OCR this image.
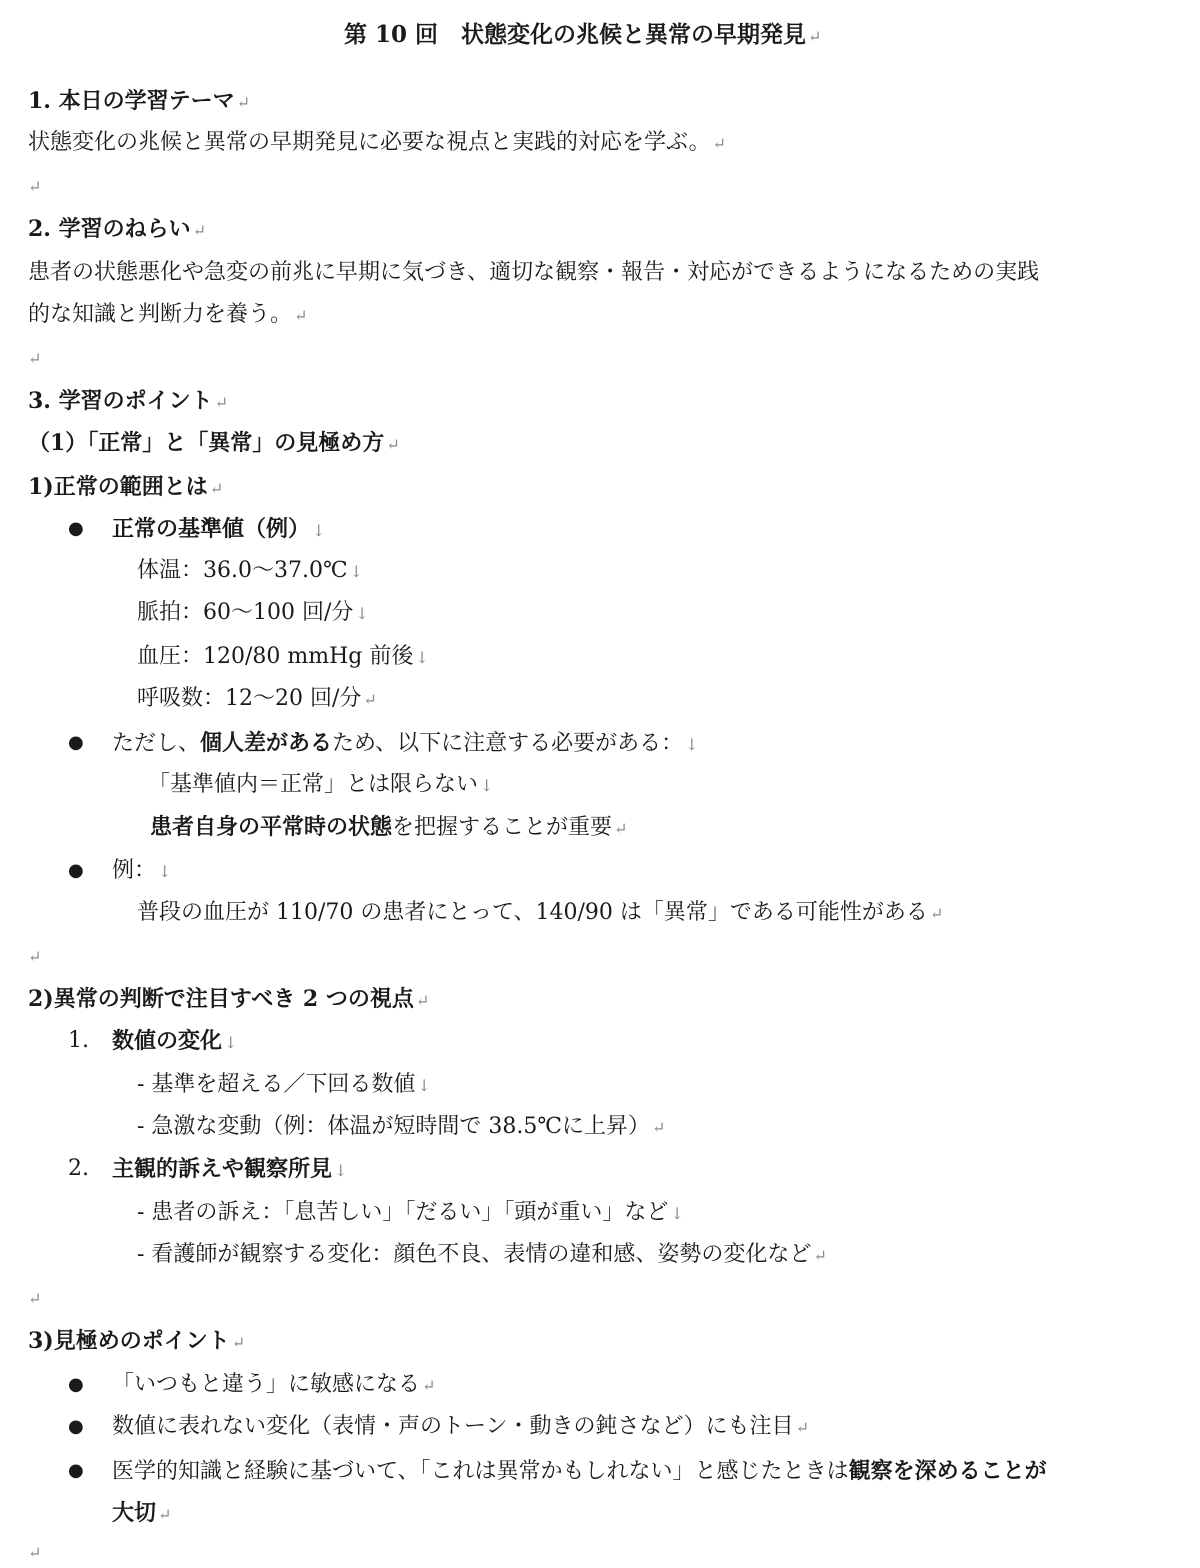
第 10 回　状態変化の兆候と異常の早期発見 ↵
1. 本日の学習テーマ ↵
状態変化の兆候と異常の早期発見に必要な視点と実践的対応を学ぶ。 ↵
↵
2. 学習のねらい ↵
患者の状態悪化や急変の前兆に早期に気づき、適切な観察・報告・対応ができるようになるための実践
的な知識と判断力を養う。 ↵
↵
3. 学習のポイント ↵
（1）「正常」と「異常」の見極め方 ↵
1)正常の範囲とは ↵
● 正常の基準値（例） ↓
体温：36.0～37.0℃ ↓
脈拍：60～100 回/分 ↓
血圧：120/80 mmHg 前後 ↓
呼吸数：12～20 回/分 ↵
● ただし、個人差があるため、以下に注意する必要がある： ↓
「基準値内＝正常」とは限らない ↓
患者自身の平常時の状態を把握することが重要 ↵
● 例： ↓
普段の血圧が 110/70 の患者にとって、140/90 は「異常」である可能性がある ↵
↵
2)異常の判断で注目すべき 2 つの視点 ↵
1. 数値の変化 ↓
- 基準を超える／下回る数値 ↓
- 急激な変動（例：体温が短時間で 38.5℃に上昇） ↵
2. 主観的訴えや観察所見 ↓
- 患者の訴え：「息苦しい」「だるい」「頭が重い」など ↓
- 看護師が観察する変化：顔色不良、表情の違和感、姿勢の変化など ↵
↵
3)見極めのポイント ↵
● 「いつもと違う」に敏感になる ↵
● 数値に表れない変化（表情・声のトーン・動きの鈍さなど）にも注目 ↵
● 医学的知識と経験に基づいて、「これは異常かもしれない」と感じたときは観察を深めることが
大切 ↵
↵
